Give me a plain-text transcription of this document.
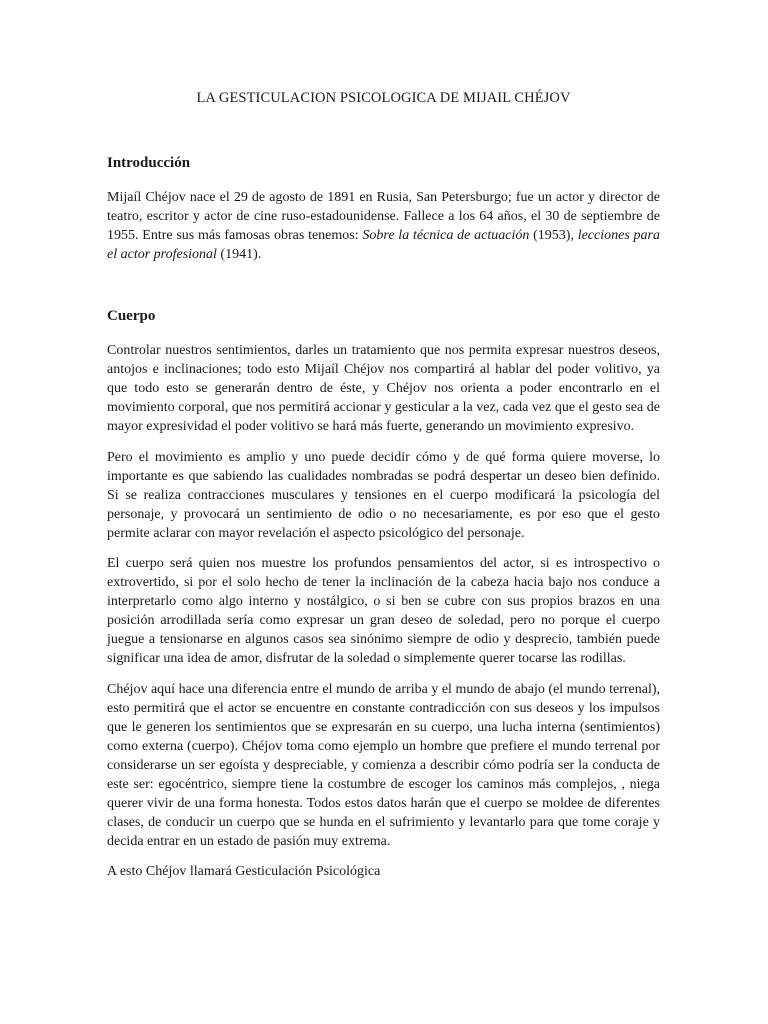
LA GESTICULACION PSICOLOGICA DE MIJAIL CHÉJOV
Introducción

Mijaíl Chéjov nace el 29 de agosto de 1891 en Rusia, San Petersburgo; fue un actor y director de teatro, escritor y actor de cine ruso-estadounidense. Fallece a los 64 años, el 30 de septiembre de 1955. Entre sus más famosas obras tenemos: Sobre la técnica de actuación (1953), lecciones para el actor profesional (1941).

Cuerpo

Controlar nuestros sentimientos, darles un tratamiento que nos permita expresar nuestros deseos, antojos e inclinaciones; todo esto Mijaíl Chéjov nos compartirá al hablar del poder volitivo, ya que todo esto se generarán dentro de éste, y Chéjov nos orienta a poder encontrarlo en el movimiento corporal, que nos permitirá accionar y gesticular a la vez, cada vez que el gesto sea de mayor expresividad el poder volitivo se hará más fuerte, generando un movimiento expresivo.

Pero el movimiento es amplio y uno puede decidir cómo y de qué forma quiere moverse, lo importante es que sabiendo las cualidades nombradas se podrá despertar un deseo bien definido. Si se realiza contracciones musculares y tensiones en el cuerpo modificará la psicología del personaje, y provocará un sentimiento de odio o no necesariamente, es por eso que el gesto permite aclarar con mayor revelación el aspecto psicológico del personaje.

El cuerpo será quien nos muestre los profundos pensamientos del actor, si es introspectivo o extrovertido, si por el solo hecho de tener la inclinación de la cabeza hacia bajo nos conduce a interpretarlo como algo interno y nostálgico, o si ben se cubre con sus propios brazos en una posición arrodillada sería como expresar un gran deseo de soledad, pero no porque el cuerpo juegue a tensionarse en algunos casos sea sinónimo siempre de odio y desprecio, también puede significar una idea de amor, disfrutar de la soledad o simplemente querer tocarse las rodillas.

Chéjov aquí hace una diferencia entre el mundo de arriba y el mundo de abajo (el mundo terrenal), esto permitirá que el actor se encuentre en constante contradicción con sus deseos y los impulsos que le generen los sentimientos que se expresarán en su cuerpo, una lucha interna (sentimientos) como externa (cuerpo). Chéjov toma como ejemplo un hombre que prefiere el mundo terrenal por considerarse un ser egoísta y despreciable, y comienza a describir cómo podría ser la conducta de este ser: egocéntrico, siempre tiene la costumbre de escoger los caminos más complejos, , niega querer vivir de una forma honesta. Todos estos datos harán que el cuerpo se moldee de diferentes clases, de conducir un cuerpo que se hunda en el sufrimiento y levantarlo para que tome coraje y decida entrar en un estado de pasión muy extrema.

A esto Chéjov llamará Gesticulación Psicológica
